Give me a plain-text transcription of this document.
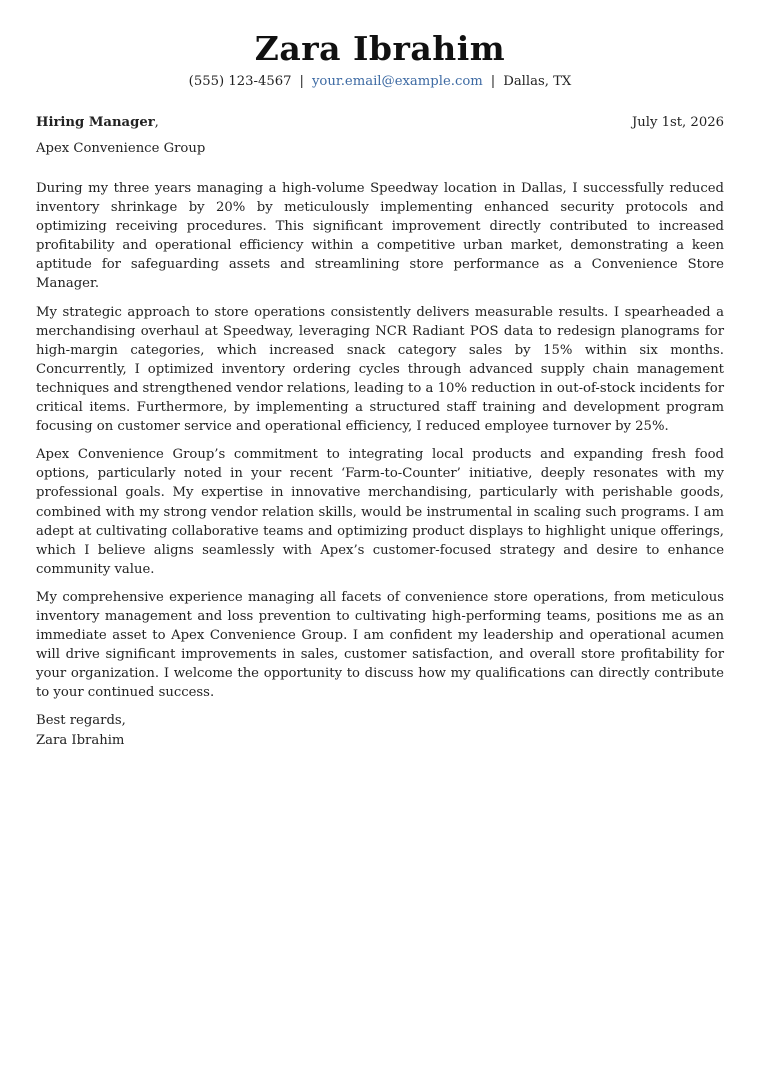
Zara Ibrahim
(555) 123-4567 | your.email@example.com | Dallas, TX
Hiring Manager,	July 1st, 2026
Apex Convenience Group

During my three years managing a high-volume Speedway location in Dallas, I successfully reduced inventory shrinkage by 20% by meticulously implementing enhanced security protocols and optimizing receiving procedures. This significant improvement directly contributed to increased profitability and operational efficiency within a competitive urban market, demonstrating a keen aptitude for safeguarding assets and streamlining store performance as a Convenience Store Manager.

My strategic approach to store operations consistently delivers measurable results. I spearheaded a merchandising overhaul at Speedway, leveraging NCR Radiant POS data to redesign planograms for high-margin categories, which increased snack category sales by 15% within six months. Concurrently, I optimized inventory ordering cycles through advanced supply chain management techniques and strengthened vendor relations, leading to a 10% reduction in out-of-stock incidents for critical items. Furthermore, by implementing a structured staff training and development program focusing on customer service and operational efficiency, I reduced employee turnover by 25%.

Apex Convenience Group’s commitment to integrating local products and expanding fresh food options, particularly noted in your recent ‘Farm-to-Counter’ initiative, deeply resonates with my professional goals. My expertise in innovative merchandising, particularly with perishable goods, combined with my strong vendor relation skills, would be instrumental in scaling such programs. I am adept at cultivating collaborative teams and optimizing product displays to highlight unique offerings, which I believe aligns seamlessly with Apex’s customer-focused strategy and desire to enhance community value.

My comprehensive experience managing all facets of convenience store operations, from meticulous inventory management and loss prevention to cultivating high-performing teams, positions me as an immediate asset to Apex Convenience Group. I am confident my leadership and operational acumen will drive significant improvements in sales, customer satisfaction, and overall store profitability for your organization. I welcome the opportunity to discuss how my qualifications can directly contribute to your continued success.

Best regards,
Zara Ibrahim
